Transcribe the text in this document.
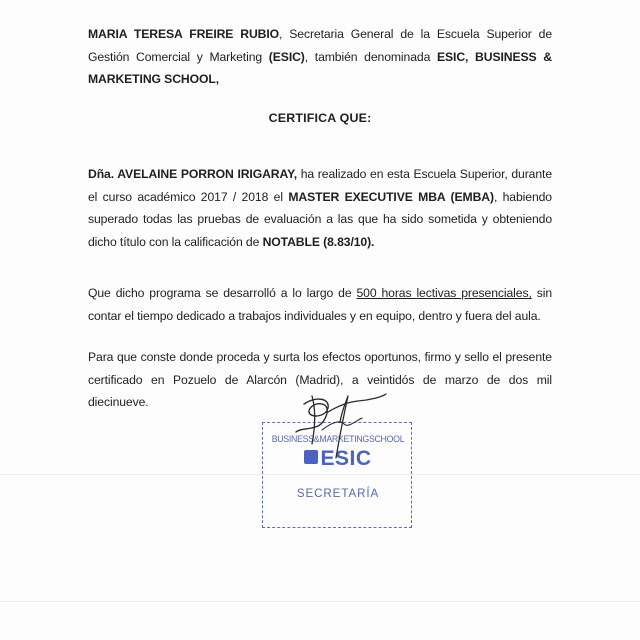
MARIA TERESA FREIRE RUBIO, Secretaria General de la Escuela Superior de Gestión Comercial y Marketing (ESIC), también denominada ESIC, BUSINESS & MARKETING SCHOOL,

CERTIFICA QUE:

Dña. AVELAINE PORRON IRIGARAY, ha realizado en esta Escuela Superior, durante el curso académico 2017 / 2018 el MASTER EXECUTIVE MBA (EMBA), habiendo superado todas las pruebas de evaluación a las que ha sido sometida y obteniendo dicho título con la calificación de NOTABLE (8.83/10).

Que dicho programa se desarrolló a lo largo de 500 horas lectivas presenciales, sin contar el tiempo dedicado a trabajos individuales y en equipo, dentro y fuera del aula.

Para que conste donde proceda y surta los efectos oportunos, firmo y sello el presente certificado en Pozuelo de Alarcón (Madrid), a veintidós de marzo de dos mil diecinueve.

BUSINESS&MARKETINGSCHOOL
ESIC
SECRETARÍA
